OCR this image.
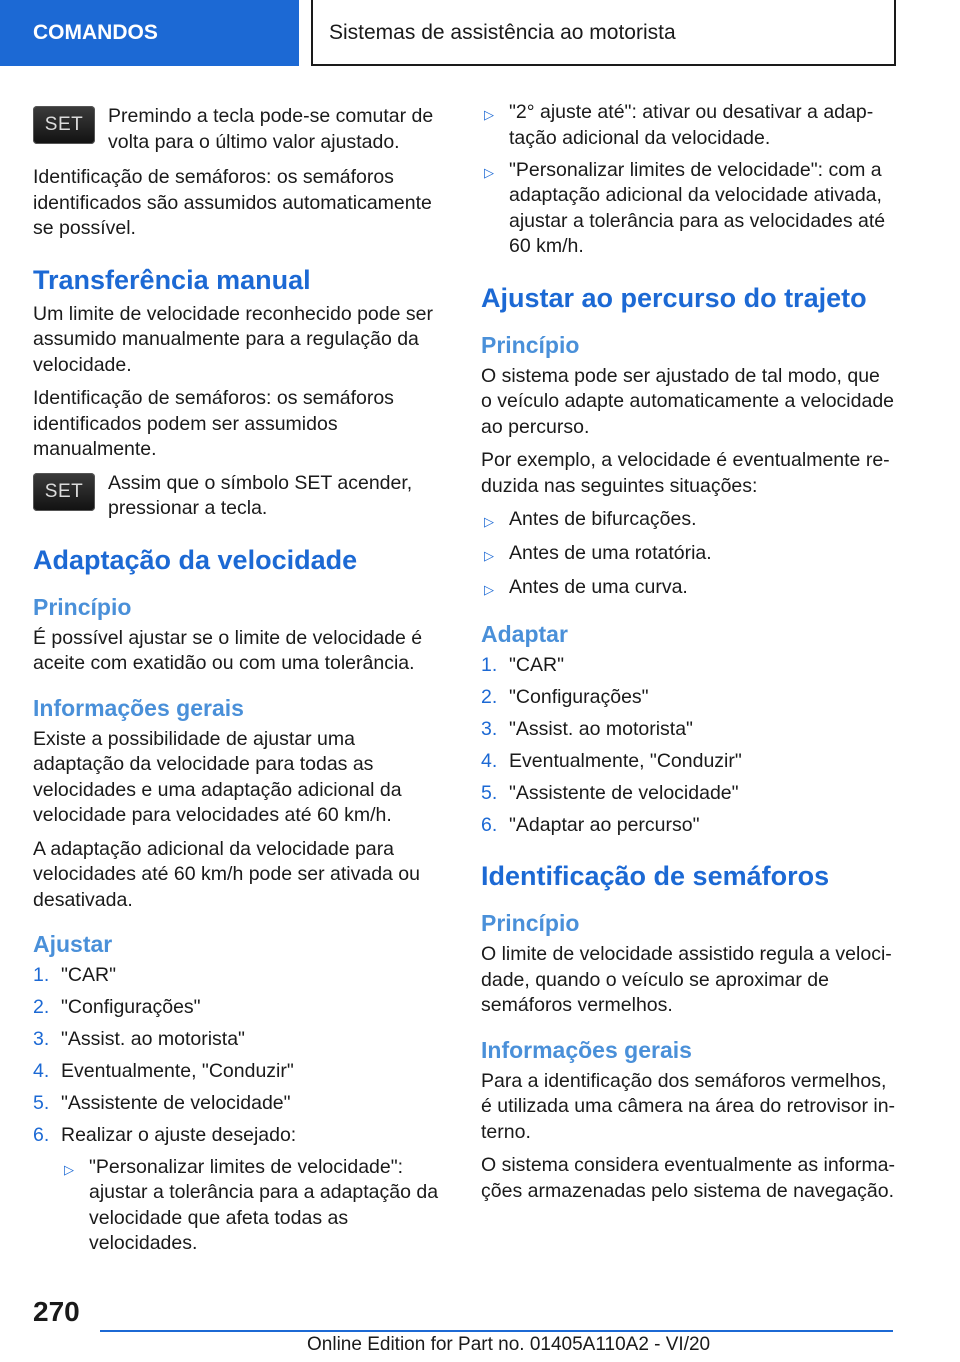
COMANDOS	Sistemas de assistência ao motorista
SET	Premindo a tecla pode-se comutar de volta para o último valor ajustado.

Identificação de semáforos: os semáforos identificados são assumidos automaticamente se possível.

Transferência manual

Um limite de velocidade reconhecido pode ser assumido manualmente para a regulação da velocidade.

Identificação de semáforos: os semáforos identificados podem ser assumidos manualmente.

SET	Assim que o símbolo SET acender, pressionar a tecla.

Adaptação da velocidade
Princípio

É possível ajustar se o limite de velocidade é aceite com exatidão ou com uma tolerância.

Informações gerais

Existe a possibilidade de ajustar uma adaptação da velocidade para todas as velocidades e uma adaptação adicional da velocidade para velocidades até 60 km/h.

A adaptação adicional da velocidade para velocidades até 60 km/h pode ser ativada ou desativada.

Ajustar
1. "CAR"
2. "Configurações"
3. "Assist. ao motorista"
4. Eventualmente, "Conduzir"
5. "Assistente de velocidade"
6. Realizar o ajuste desejado:
▷ "Personalizar limites de velocidade": ajustar a tolerância para a adaptação da velocidade que afeta todas as velocidades.
▷ "2° ajuste até": ativar ou desativar a adaptação adicional da velocidade.
▷ "Personalizar limites de velocidade": com a adaptação adicional da velocidade ativada, ajustar a tolerância para as velocidades até 60 km/h.
Ajustar ao percurso do trajeto
Princípio

O sistema pode ser ajustado de tal modo, que o veículo adapte automaticamente a velocidade ao percurso.

Por exemplo, a velocidade é eventualmente reduzida nas seguintes situações:

▷ Antes de bifurcações.
▷ Antes de uma rotatória.
▷ Antes de uma curva.
Adaptar
1. "CAR"
2. "Configurações"
3. "Assist. ao motorista"
4. Eventualmente, "Conduzir"
5. "Assistente de velocidade"
6. "Adaptar ao percurso"
Identificação de semáforos
Princípio

O limite de velocidade assistido regula a velocidade, quando o veículo se aproximar de semáforos vermelhos.

Informações gerais

Para a identificação dos semáforos vermelhos, é utilizada uma câmera na área do retrovisor interno.

O sistema considera eventualmente as informações armazenadas pelo sistema de navegação.

270
Online Edition for Part no. 01405A110A2 - VI/20
